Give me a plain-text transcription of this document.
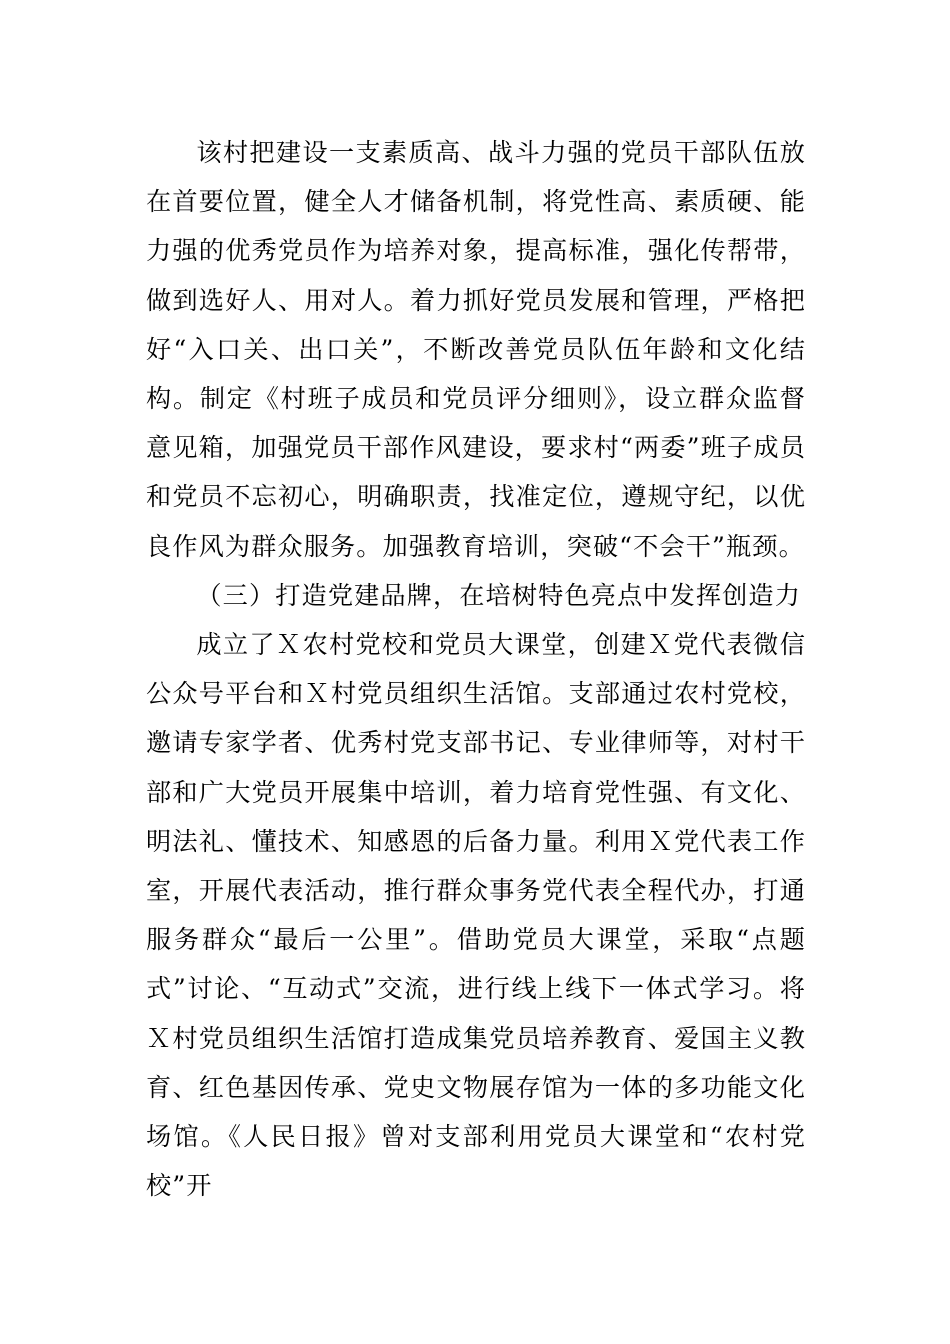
该村把建设一支素质高、战斗力强的党员干部队伍放在首要位置，健全人才储备机制，将党性高、素质硬、能力强的优秀党员作为培养对象，提高标准，强化传帮带，做到选好人、用对人。着力抓好党员发展和管理，严格把好“入口关、出口关”，不断改善党员队伍年龄和文化结构。制定《村班子成员和党员评分细则》，设立群众监督意见箱，加强党员干部作风建设，要求村“两委”班子成员和党员不忘初心，明确职责，找准定位，遵规守纪，以优良作风为群众服务。加强教育培训，突破“不会干”瓶颈。

（三）打造党建品牌，在培树特色亮点中发挥创造力

成立了Ｘ农村党校和党员大课堂，创建Ｘ党代表微信公众号平台和Ｘ村党员组织生活馆。支部通过农村党校，邀请专家学者、优秀村党支部书记、专业律师等，对村干部和广大党员开展集中培训，着力培育党性强、有文化、明法礼、懂技术、知感恩的后备力量。利用Ｘ党代表工作室，开展代表活动，推行群众事务党代表全程代办，打通服务群众“最后一公里”。借助党员大课堂，采取“点题式”讨论、“互动式”交流，进行线上线下一体式学习。将Ｘ村党员组织生活馆打造成集党员培养教育、爱国主义教育、红色基因传承、党史文物展存馆为一体的多功能文化场馆。《人民日报》曾对支部利用党员大课堂和“农村党校”开
